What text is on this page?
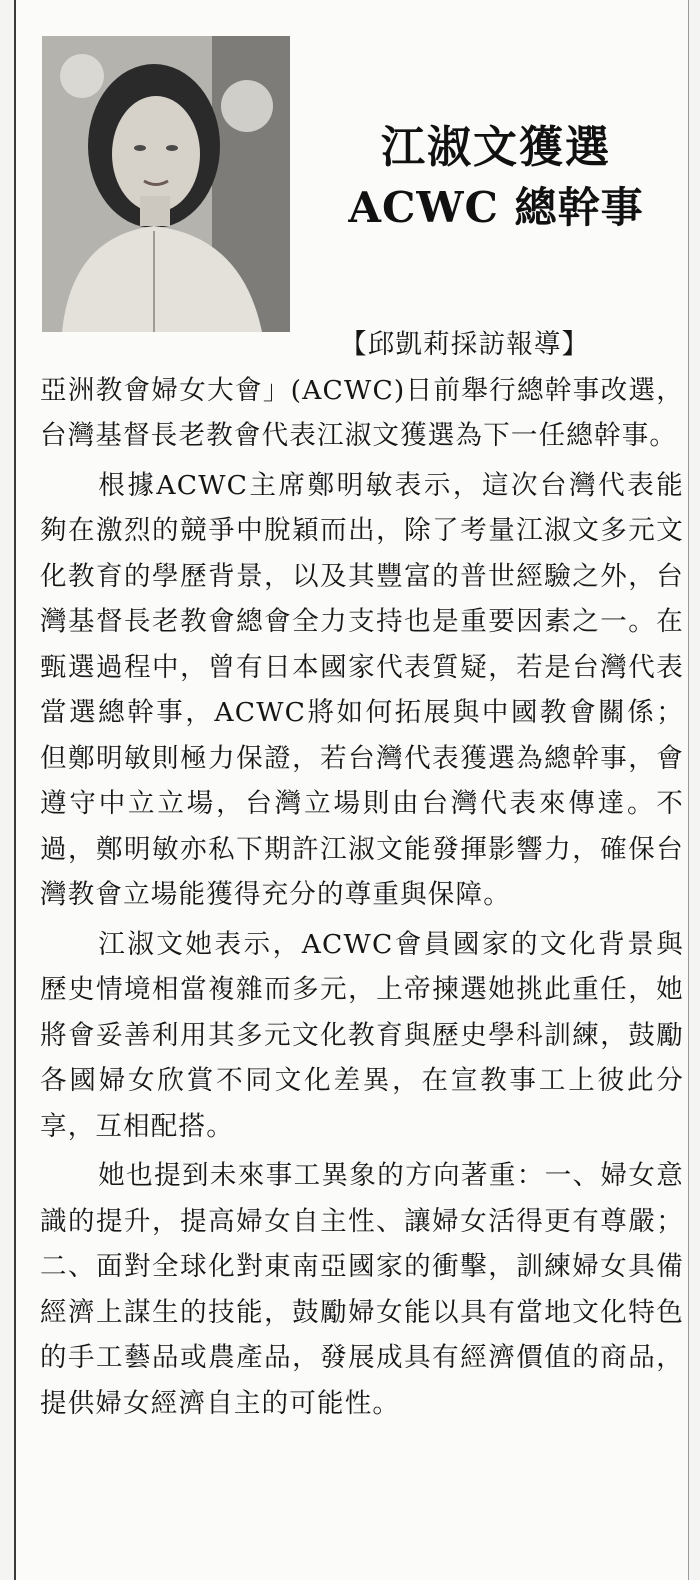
江淑文獲選
ACWC 總幹事

【邱凱莉採訪報導】
亞洲教會婦女大會」(ACWC)日前舉行總幹事改選，台灣基督長老教會代表江淑文獲選為下一任總幹事。

根據ACWC主席鄭明敏表示，這次台灣代表能夠在激烈的競爭中脫穎而出，除了考量江淑文多元文化教育的學歷背景，以及其豐富的普世經驗之外，台灣基督長老教會總會全力支持也是重要因素之一。在甄選過程中，曾有日本國家代表質疑，若是台灣代表當選總幹事，ACWC將如何拓展與中國教會關係；但鄭明敏則極力保證，若台灣代表獲選為總幹事，會遵守中立立場，台灣立場則由台灣代表來傳達。不過，鄭明敏亦私下期許江淑文能發揮影響力，確保台灣教會立場能獲得充分的尊重與保障。

江淑文她表示，ACWC會員國家的文化背景與歷史情境相當複雜而多元，上帝揀選她挑此重任，她將會妥善利用其多元文化教育與歷史學科訓練，鼓勵各國婦女欣賞不同文化差異，在宣教事工上彼此分享，互相配搭。

她也提到未來事工異象的方向著重：一、婦女意識的提升，提高婦女自主性、讓婦女活得更有尊嚴；二、面對全球化對東南亞國家的衝擊，訓練婦女具備經濟上謀生的技能，鼓勵婦女能以具有當地文化特色的手工藝品或農產品，發展成具有經濟價值的商品，提供婦女經濟自主的可能性。
